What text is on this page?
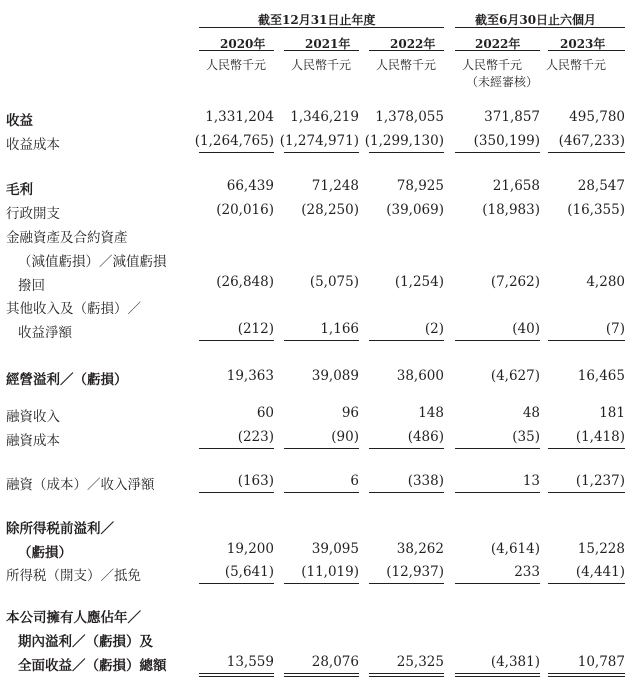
截至12月31日止年度	截至6月30日止六個月
2020年	2021年	2022年	2022年	2023年
人民幣千元 人民幣千元 人民幣千元 人民幣千元 人民幣千元
（未經審核）
收益	1,331,204 1,346,219 1,378,055	371,857 495,780
收益成本	(1,264,765) (1,274,971) (1,299,130) (350,199) (467,233)
毛利	66,439	71,248	78,925	21,658	28,547
行政開支	(20,016) (28,250) (39,069)	(18,983) (16,355)
金融資產及合約資產
（減值虧損）／減值虧損
撥回	(26,848)	(5,075)	(1,254)	(7,262)	4,280
其他收入及（虧損）／
收益淨額	(212)	1,166	(2)	(40)	(7)
經營溢利／（虧損）	19,363	39,089	38,600	(4,627)	16,465
融資收入	60	96	148	48	181
融資成本	(223)	(90)	(486)	(35)	(1,418)
融資（成本）／收入淨額	(163)	6	(338)	13	(1,237)
除所得税前溢利／
（虧損）	19,200	39,095	38,262	(4,614)	15,228
所得税（開支）／抵免	(5,641) (11,019) (12,937)	233	(4,441)
本公司擁有人應佔年／
期內溢利／（虧損）及
全面收益／（虧損）總額	13,559	28,076	25,325	(4,381)	10,787
